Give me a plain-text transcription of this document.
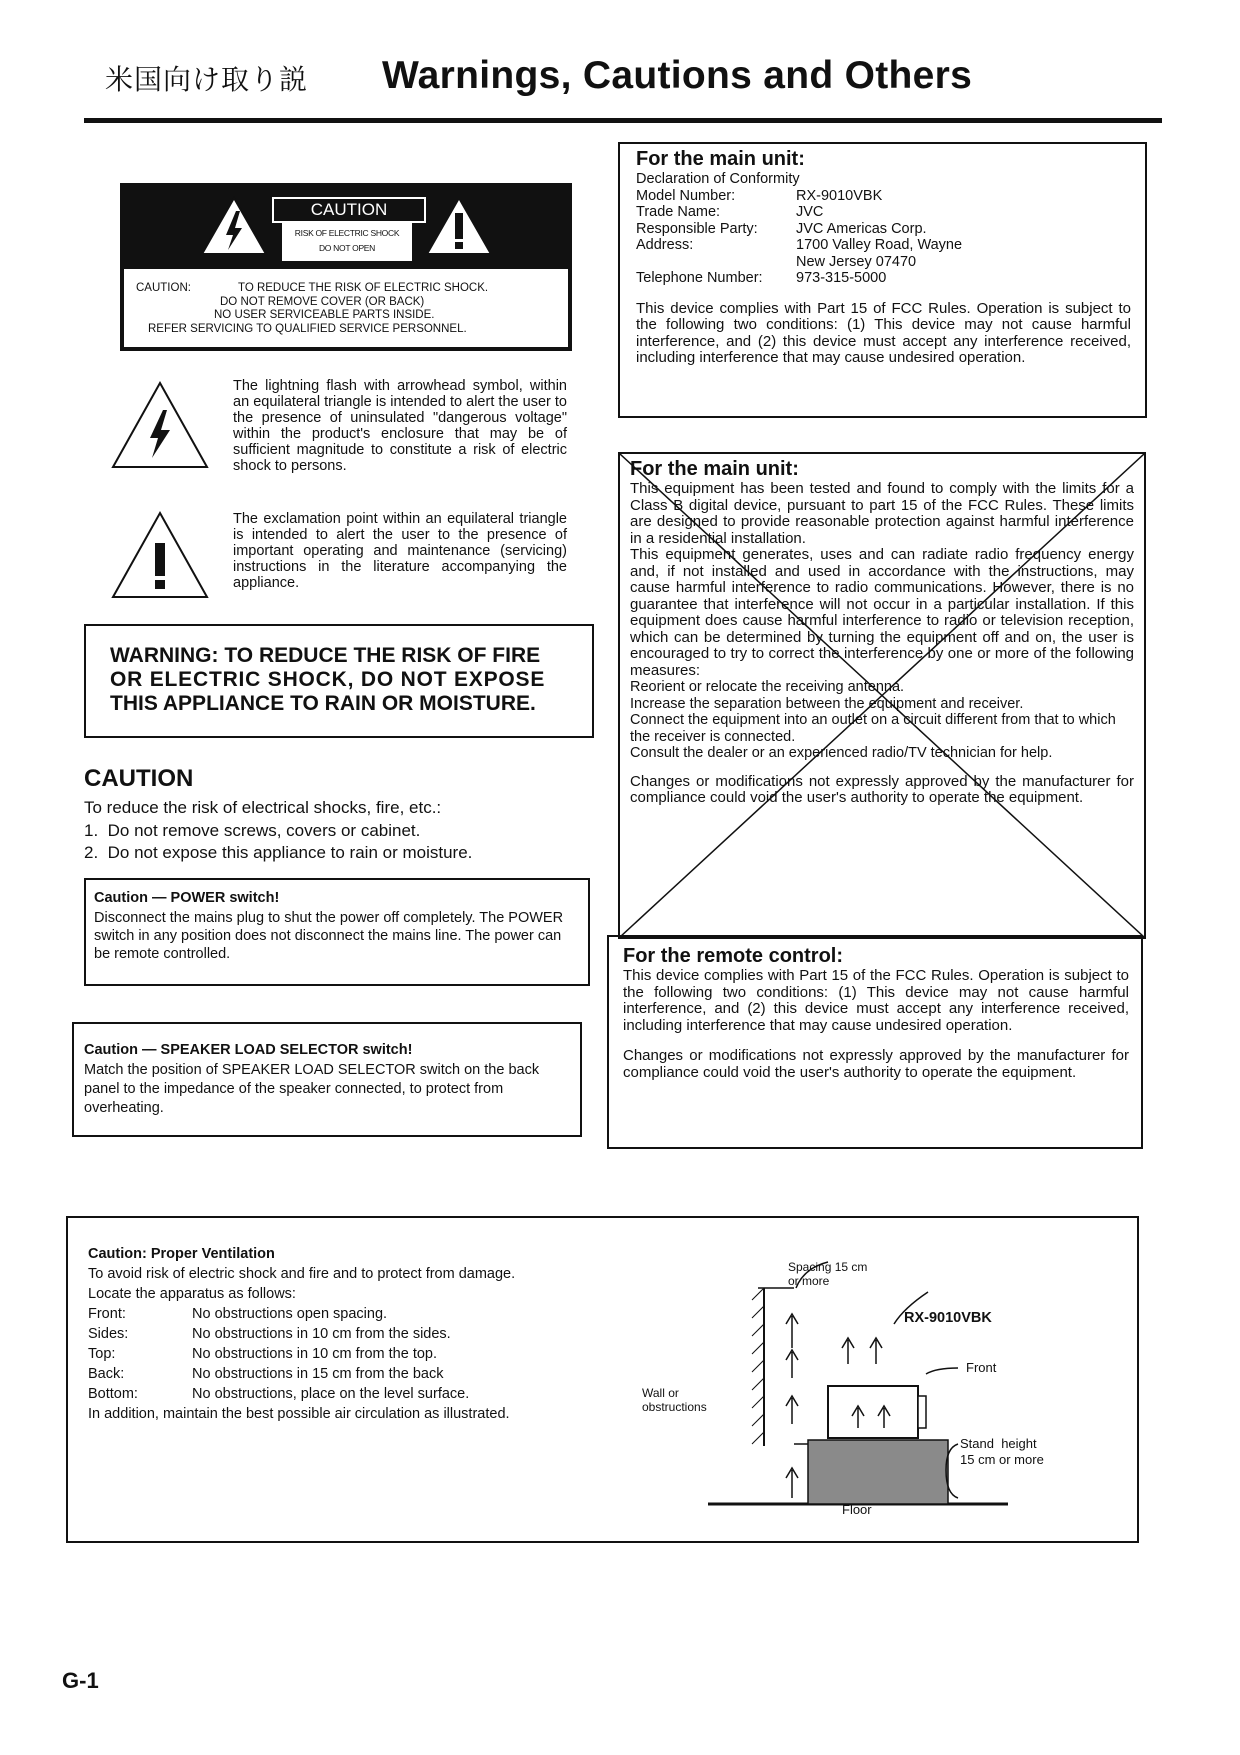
米国向け取り説 Warnings, Cautions and Others
CAUTION
RISK OF ELECTRIC SHOCK
DO NOT OPEN
CAUTION:	TO REDUCE THE RISK OF ELECTRIC SHOCK.
DO NOT REMOVE COVER (OR BACK)
NO USER SERVICEABLE PARTS INSIDE.
REFER SERVICING TO QUALIFIED SERVICE PERSONNEL.
The lightning flash with arrowhead symbol, within an equilateral triangle is intended to alert the user to the presence of uninsulated "dangerous voltage" within the product's enclosure that may be of sufficient magnitude to constitute a risk of electric shock to persons.
The exclamation point within an equilateral triangle is intended to alert the user to the presence of important operating and maintenance (servicing) instructions in the literature accompanying the appliance.
WARNING: TO REDUCE THE RISK OF FIRE
OR ELECTRIC SHOCK, DO NOT EXPOSE
THIS APPLIANCE TO RAIN OR MOISTURE.
CAUTION
To reduce the risk of electrical shocks, fire, etc.:
1.  Do not remove screws, covers or cabinet.
2.  Do not expose this appliance to rain or moisture.
Caution — POWER switch!
Disconnect the mains plug to shut the power off completely. The POWER switch in any position does not disconnect the mains line. The power can be remote controlled.
Caution — SPEAKER LOAD SELECTOR switch!
Match the position of SPEAKER LOAD SELECTOR switch on the back panel to the impedance of the speaker connected, to protect from overheating.
For the main unit:
Declaration of Conformity
Model Number:	RX-9010VBK
Trade Name:	JVC
Responsible Party:	JVC Americas Corp.
Address:	1700 Valley Road, Wayne
New Jersey 07470
Telephone Number:	973-315-5000
This device complies with Part 15 of FCC Rules. Operation is subject to the following two conditions: (1) This device may not cause harmful interference, and (2) this device must accept any interference received, including interference that may cause undesired operation.
For the main unit:
This equipment has been tested and found to comply with the limits for a Class B digital device, pursuant to part 15 of the FCC Rules. These limits are designed to provide reasonable protection against harmful interference in a residential installation.
This equipment generates, uses and can radiate radio frequency energy and, if not installed and used in accordance with the instructions, may cause harmful interference to radio communications. However, there is no guarantee that interference will not occur in a particular installation. If this equipment does cause harmful interference to radio or television reception, which can be determined by turning the equipment off and on, the user is encouraged to try to correct the interference by one or more of the following measures:
Reorient or relocate the receiving antenna.
Increase the separation between the equipment and receiver.
Connect the equipment into an outlet on a circuit different from that to which the receiver is connected.
Consult the dealer or an experienced radio/TV technician for help.
Changes or modifications not expressly approved by the manufacturer for compliance could void the user's authority to operate the equipment.
For the remote control:
This device complies with Part 15 of the FCC Rules. Operation is subject to the following two conditions: (1) This device may not cause harmful interference, and (2) this device must accept any interference received, including interference that may cause undesired operation.
Changes or modifications not expressly approved by the manufacturer for compliance could void the user's authority to operate the equipment.
Caution: Proper Ventilation
To avoid risk of electric shock and fire and to protect from damage.
Locate the apparatus as follows:
Front:	No obstructions open spacing.
Sides:	No obstructions in 10 cm from the sides.
Top:	No obstructions in 10 cm from the top.
Back:	No obstructions in 15 cm from the back
Bottom:	No obstructions, place on the level surface.
In addition, maintain the best possible air circulation as illustrated.
Spacing 15 cm
or more
RX-9010VBK
Front
Wall or
obstructions
Stand  height
15 cm or more
Floor
G-1
